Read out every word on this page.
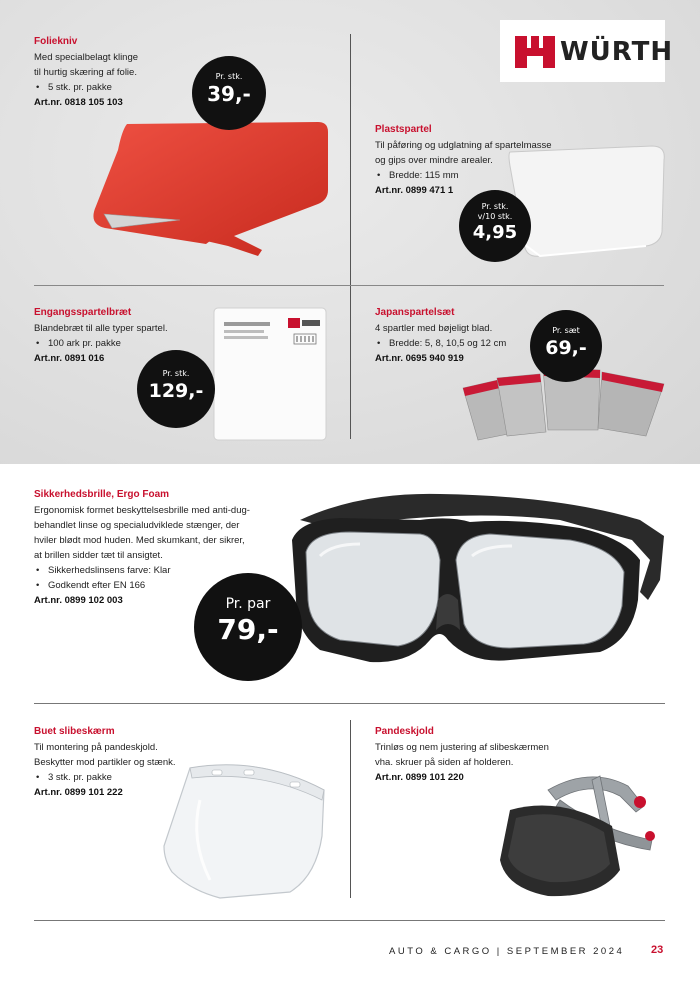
Foliekniv
Med specialbelagt klinge
til hurtig skæring af folie.
• 5 stk. pr. pakke
Art.nr. 0818 105 103
Pr. stk.
39,-
WÜRTH
Plastspartel
Til påføring og udglatning af spartelmasse
og gips over mindre arealer.
• Bredde: 115 mm
Art.nr. 0899 471 1
Pr. stk.
v/10 stk.
4,95
Engangsspartelbræt
Blandebræt til alle typer spartel.
• 100 ark pr. pakke
Art.nr. 0891 016
Pr. stk.
129,-
Japanspartelsæt
4 spartler med bøjeligt blad.
• Bredde: 5, 8, 10,5 og 12 cm
Art.nr. 0695 940 919
Pr. sæt
69,-
Sikkerhedsbrille, Ergo Foam
Ergonomisk formet beskyttelsesbrille med anti-dug-
behandlet linse og specialudviklede stænger, der
hviler blødt mod huden. Med skumkant, der sikrer,
at brillen sidder tæt til ansigtet.
• Sikkerhedslinsens farve: Klar
• Godkendt efter EN 166
Art.nr. 0899 102 003	Pr. par
79,-
Buet slibeskærm
Til montering på pandeskjold.
Beskytter mod partikler og stænk.
• 3 stk. pr. pakke
Art.nr. 0899 101 222
Pandeskjold
Trinløs og nem justering af slibeskærmen
vha. skruer på siden af holderen.
Art.nr. 0899 101 220
AUTO & CARGO | SEPTEMBER 2024 23
